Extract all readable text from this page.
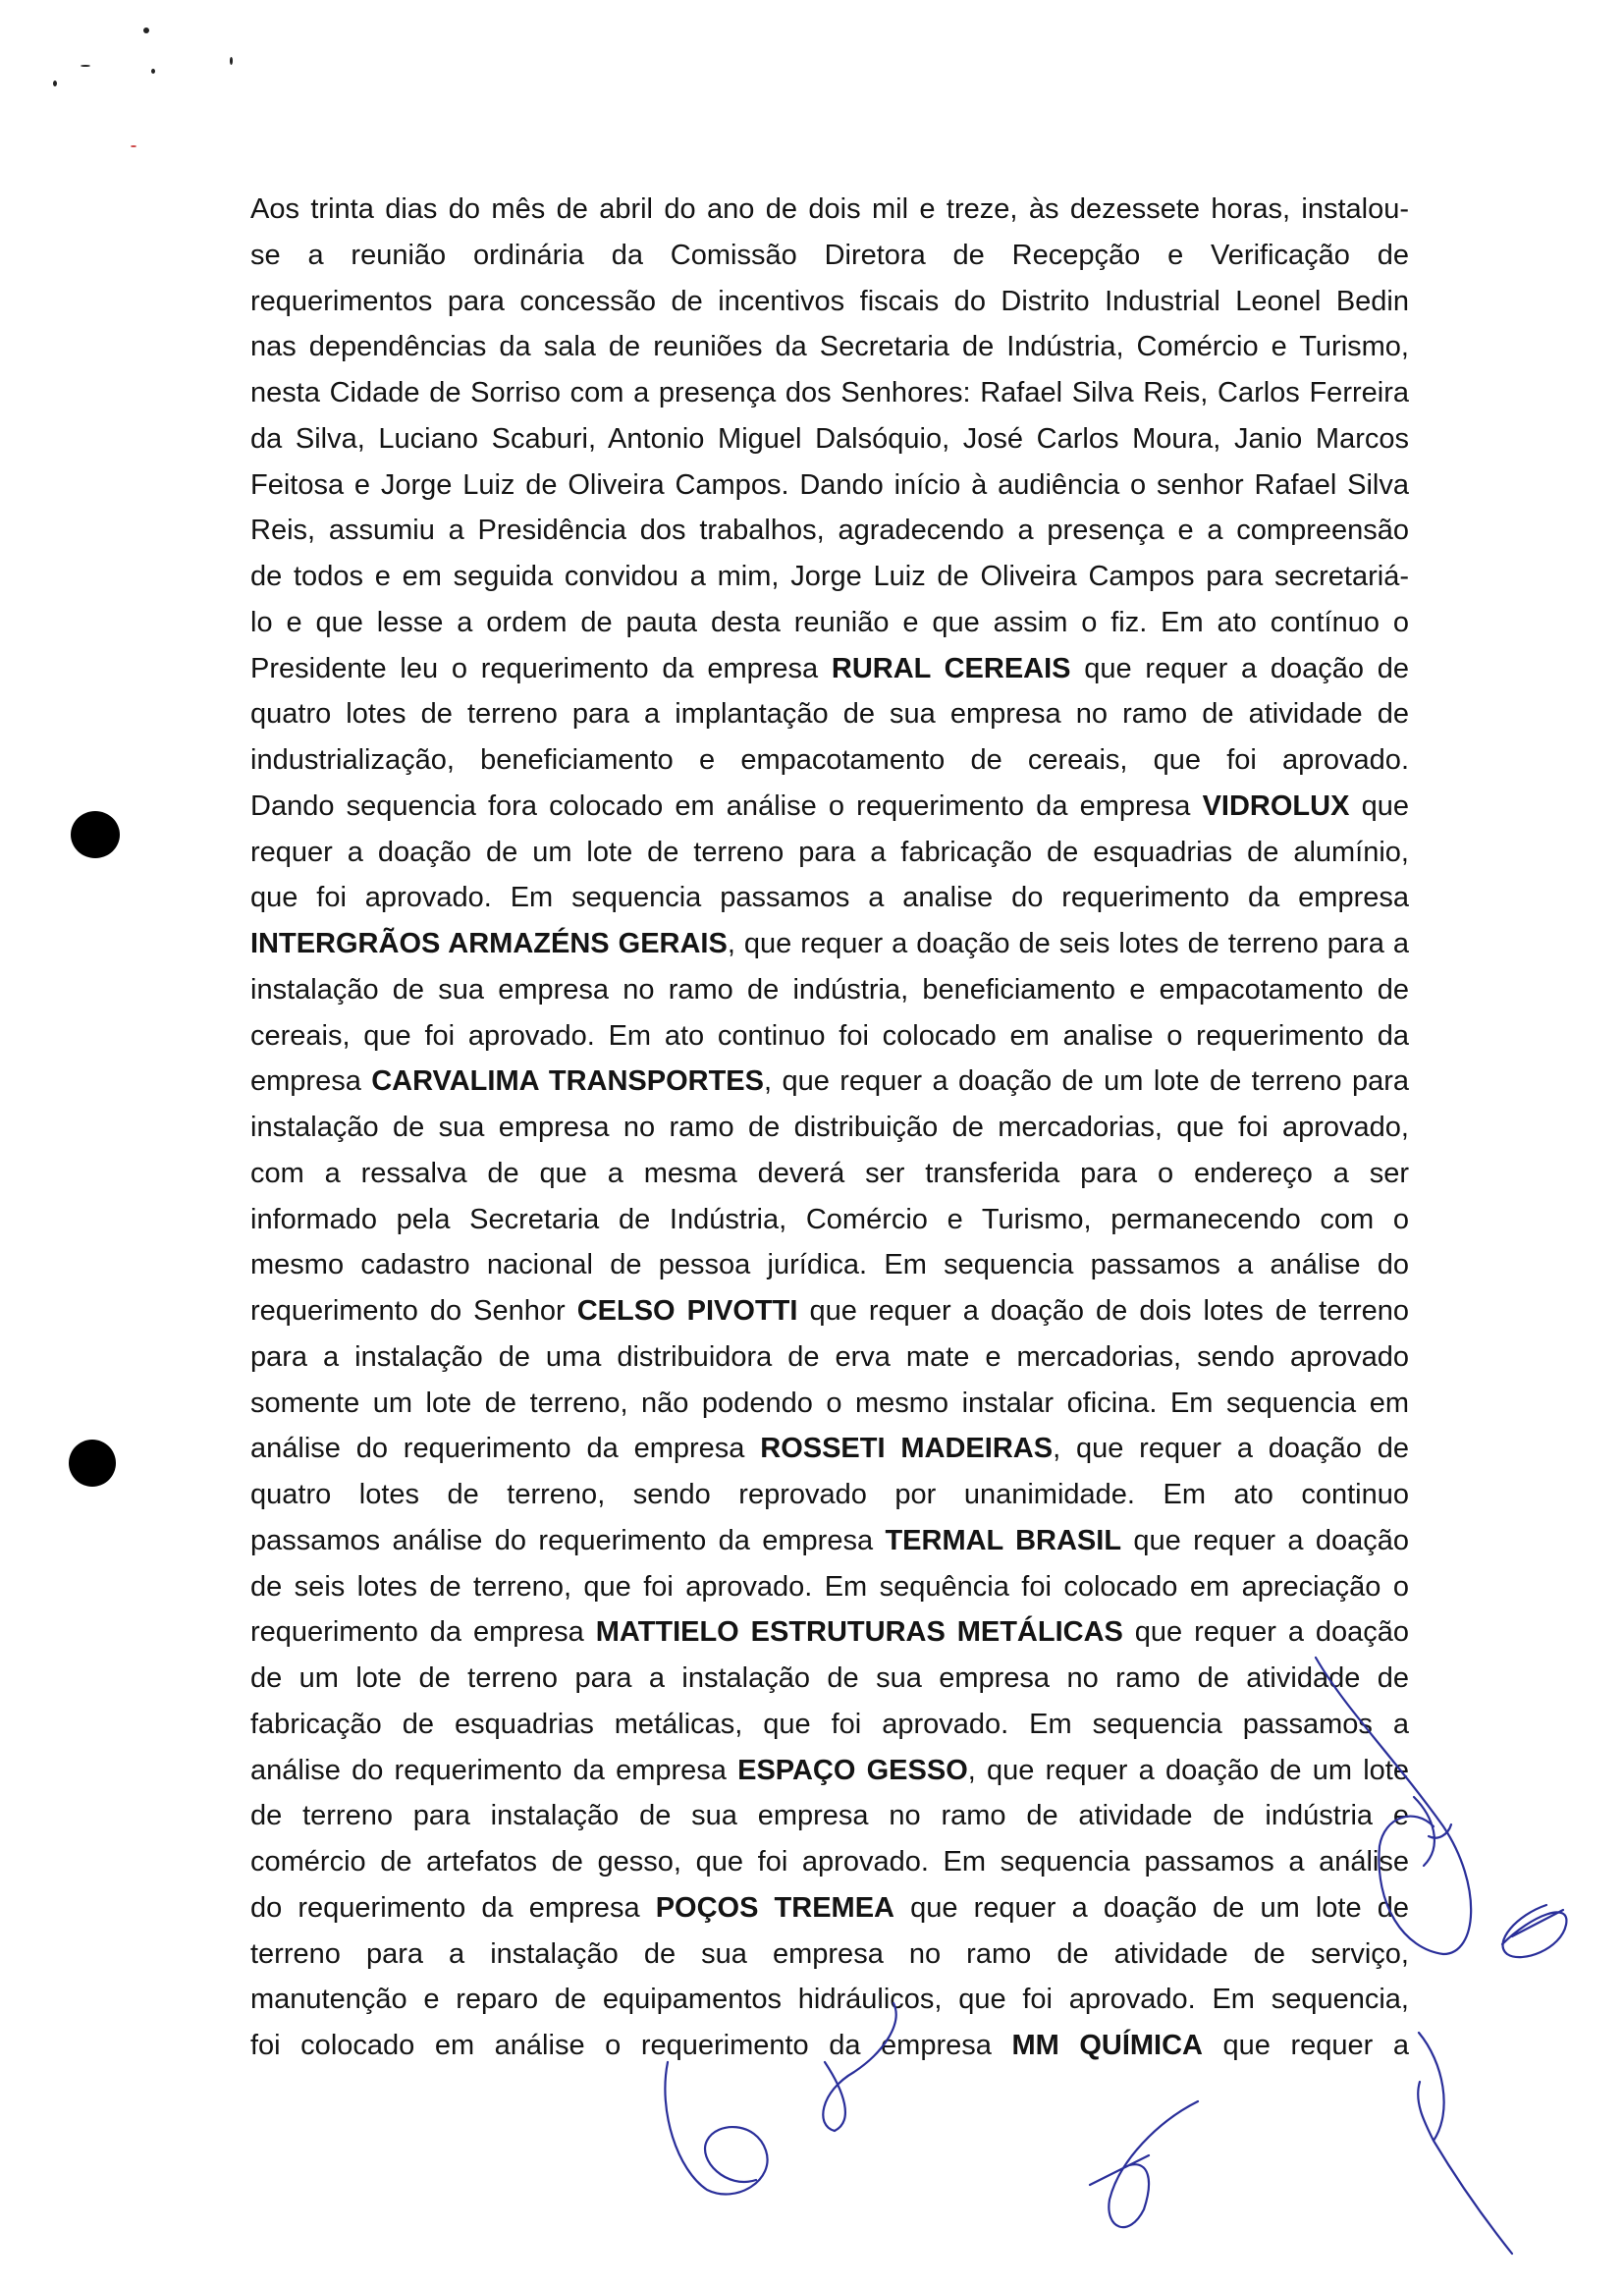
Aos trinta dias do mês de abril do ano de dois mil e treze, às dezessete horas, instalou-
se a reunião ordinária da Comissão Diretora de Recepção e Verificação de
requerimentos para concessão de incentivos fiscais do Distrito Industrial Leonel Bedin
nas dependências da sala de reuniões da Secretaria de Indústria, Comércio e Turismo,
nesta Cidade de Sorriso com a presença dos Senhores: Rafael Silva Reis, Carlos Ferreira
da Silva, Luciano Scaburi, Antonio Miguel Dalsóquio, José Carlos Moura, Janio Marcos
Feitosa e Jorge Luiz de Oliveira Campos. Dando início à audiência o senhor Rafael Silva
Reis, assumiu a Presidência dos trabalhos, agradecendo a presença e a compreensão
de todos e em seguida convidou a mim, Jorge Luiz de Oliveira Campos para secretariá-
lo e que lesse a ordem de pauta desta reunião e que assim o fiz. Em ato contínuo o
Presidente leu o requerimento da empresa RURAL CEREAIS que requer a doação de
quatro lotes de terreno para a implantação de sua empresa no ramo de atividade de
industrialização, beneficiamento e empacotamento de cereais, que foi aprovado.
Dando sequencia fora colocado em análise o requerimento da empresa VIDROLUX que
requer a doação de um lote de terreno para a fabricação de esquadrias de alumínio,
que foi aprovado. Em sequencia passamos a analise do requerimento da empresa
INTERGRÃOS ARMAZÉNS GERAIS, que requer a doação de seis lotes de terreno para a
instalação de sua empresa no ramo de indústria, beneficiamento e empacotamento de
cereais, que foi aprovado. Em ato continuo foi colocado em analise o requerimento da
empresa CARVALIMA TRANSPORTES, que requer a doação de um lote de terreno para
instalação de sua empresa no ramo de distribuição de mercadorias, que foi aprovado,
com a ressalva de que a mesma deverá ser transferida para o endereço a ser
informado pela Secretaria de Indústria, Comércio e Turismo, permanecendo com o
mesmo cadastro nacional de pessoa jurídica. Em sequencia passamos a análise do
requerimento do Senhor CELSO PIVOTTI que requer a doação de dois lotes de terreno
para a instalação de uma distribuidora de erva mate e mercadorias, sendo aprovado
somente um lote de terreno, não podendo o mesmo instalar oficina. Em sequencia em
análise do requerimento da empresa ROSSETI MADEIRAS, que requer a doação de
quatro lotes de terreno, sendo reprovado por unanimidade. Em ato continuo
passamos análise do requerimento da empresa TERMAL BRASIL que requer a doação
de seis lotes de terreno, que foi aprovado. Em sequência foi colocado em apreciação o
requerimento da empresa MATTIELO ESTRUTURAS METÁLICAS que requer a doação
de um lote de terreno para a instalação de sua empresa no ramo de atividade de
fabricação de esquadrias metálicas, que foi aprovado. Em sequencia passamos a
análise do requerimento da empresa ESPAÇO GESSO, que requer a doação de um lote
de terreno para instalação de sua empresa no ramo de atividade de indústria e
comércio de artefatos de gesso, que foi aprovado. Em sequencia passamos a análise
do requerimento da empresa POÇOS TREMEA que requer a doação de um lote de
terreno para a instalação de sua empresa no ramo de atividade de serviço,
manutenção e reparo de equipamentos hidráulicos, que foi aprovado. Em sequencia,
foi colocado em análise o requerimento da empresa MM QUÍMICA que requer a
